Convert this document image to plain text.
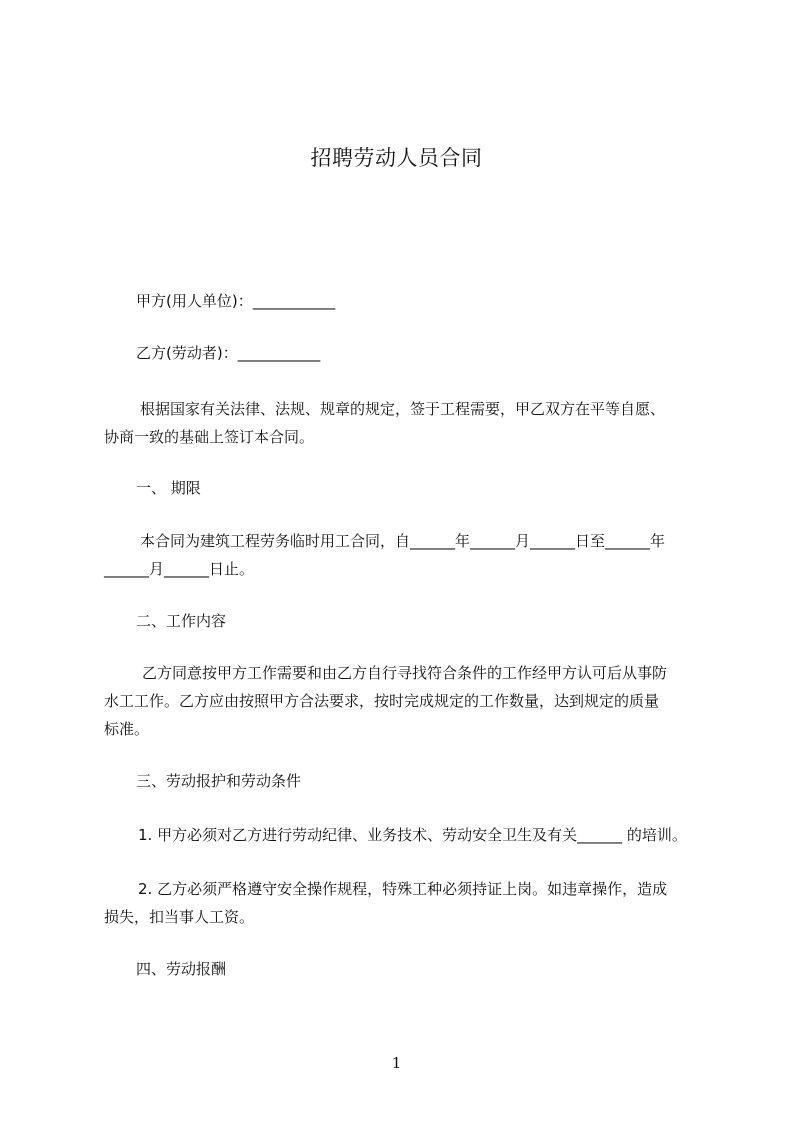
招聘劳动人员合同
甲方(用人单位)：___________
乙方(劳动者)：___________
根据国家有关法律、法规、规章的规定，签于工程需要，甲乙双方在平等自愿、
协商一致的基础上签订本合同。
一、 期限
本合同为建筑工程劳务临时用工合同，自______年______月______日至______年
______月______日止。
二、工作内容
乙方同意按甲方工作需要和由乙方自行寻找符合条件的工作经甲方认可后从事防
水工工作。乙方应由按照甲方合法要求，按时完成规定的工作数量，达到规定的质量
标准。
三、劳动报护和劳动条件
1. 甲方必须对乙方进行劳动纪律、业务技术、劳动安全卫生及有关______ 的培训。
2. 乙方必须严格遵守安全操作规程，特殊工种必须持证上岗。如违章操作，造成
损失，扣当事人工资。
四、劳动报酬
1
